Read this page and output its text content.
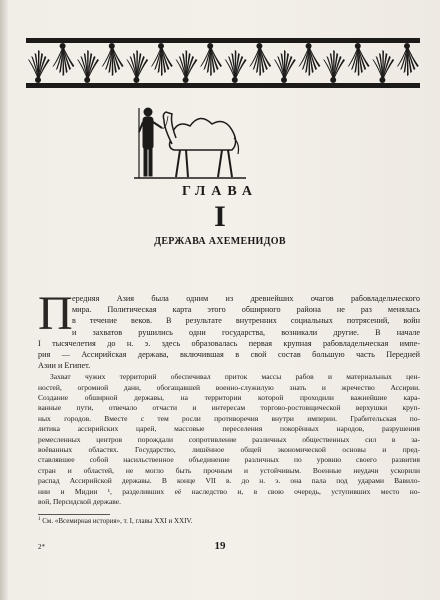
ГЛАВА
I
ДЕРЖАВА АХЕМЕНИДОВ
П ередняя Азия была одним из древнейших очагов рабовладельческого
мира. Политическая карта этого обширного района не раз менялась
в течение веков. В результате внутренних социальных потрясений, войн
и захватов рушились одни государства, возникали другие. В начале
I тысячелетия до н. э. здесь образовалась первая крупная рабовладельческая импе-
рия — Ассирийская держава, включившая в свой состав большую часть Передней
Азии и Египет.
Захват чужих территорий обеспечивал приток массы рабов и материальных цен-
ностей, огромной дани, обогащавшей военно-служилую знать и жречество Ассирии.
Создание обширной державы, на территории которой проходили важнейшие кара-
ванные пути, отвечало отчасти и интересам торгово-ростовщической верхушки круп-
ных городов. Вместе с тем росли противоречия внутри империи. Грабительская по-
литика ассирийских царей, массовые переселения покорённых народов, разрушения
ремесленных центров порождали сопротивление различных общественных сил в за-
воёванных областях. Государство, лишённое общей экономической основы и пред-
ставлявшее собой насильственное объединение различных по уровню своего развития
стран и областей, не могло быть прочным и устойчивым. Военные неудачи ускорили
распад Ассирийской державы. В конце VII в. до н. э. она пала под ударами Вавило-
нии и Мидии ¹, разделивших её наследство и, в свою очередь, уступивших место но-
вой, Персидской державе.
$^1$ См. «Всемирная история», т. I, главы XXI и XXIV.
2*	19
